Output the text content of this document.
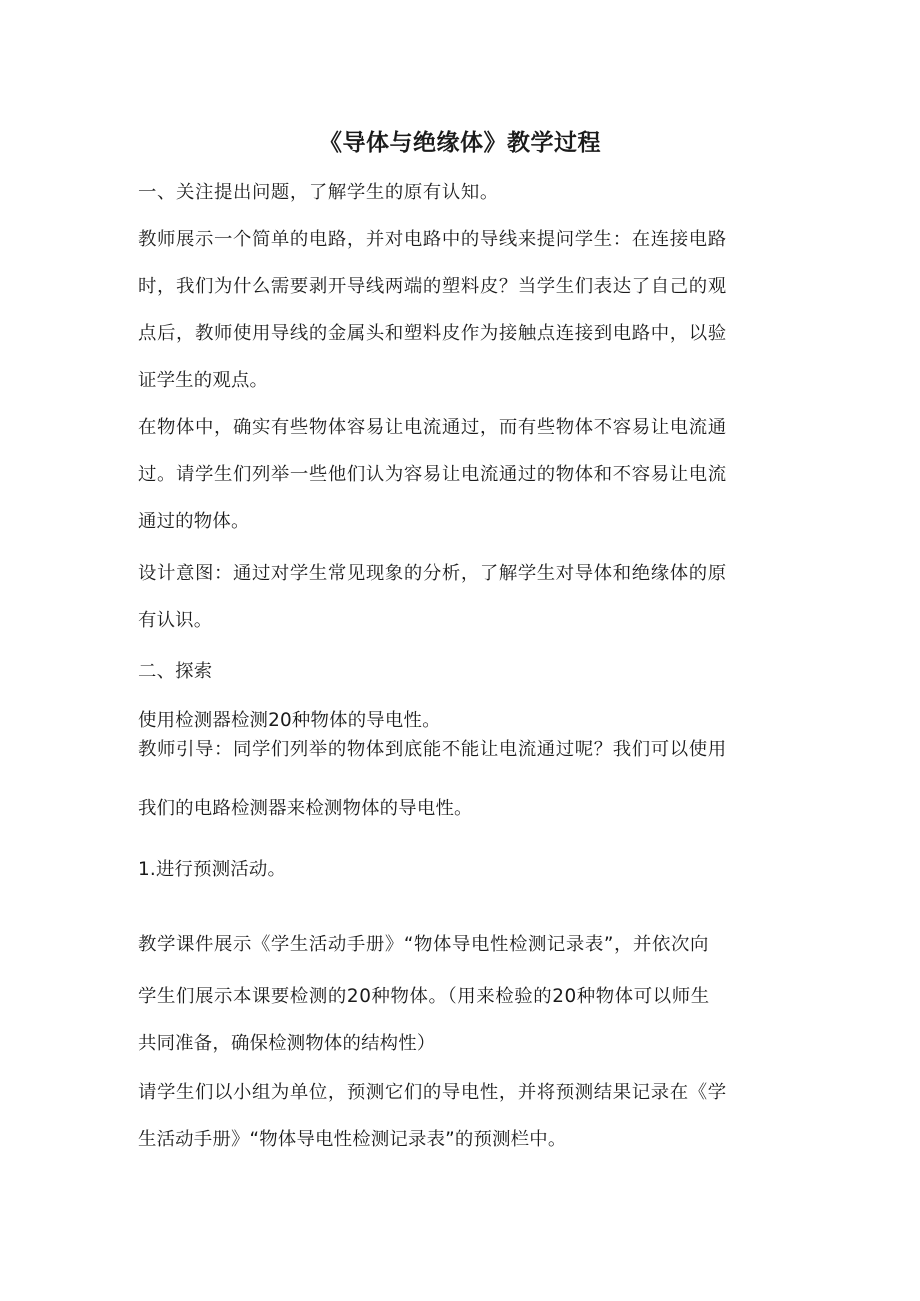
《导体与绝缘体》教学过程
一、关注提出问题，了解学生的原有认知。
教师展示一个简单的电路，并对电路中的导线来提问学生：在连接电路
时，我们为什么需要剥开导线两端的塑料皮？当学生们表达了自己的观
点后，教师使用导线的金属头和塑料皮作为接触点连接到电路中，以验
证学生的观点。
在物体中，确实有些物体容易让电流通过，而有些物体不容易让电流通
过。请学生们列举一些他们认为容易让电流通过的物体和不容易让电流
通过的物体。
设计意图：通过对学生常见现象的分析，了解学生对导体和绝缘体的原
有认识。
二、探索
使用检测器检测20种物体的导电性。
教师引导：同学们列举的物体到底能不能让电流通过呢？我们可以使用
我们的电路检测器来检测物体的导电性。
1.进行预测活动。
教学课件展示《学生活动手册》“物体导电性检测记录表”，并依次向
学生们展示本课要检测的20种物体。（用来检验的20种物体可以师生
共同准备，确保检测物体的结构性）
请学生们以小组为单位，预测它们的导电性，并将预测结果记录在《学
生活动手册》“物体导电性检测记录表”的预测栏中。
